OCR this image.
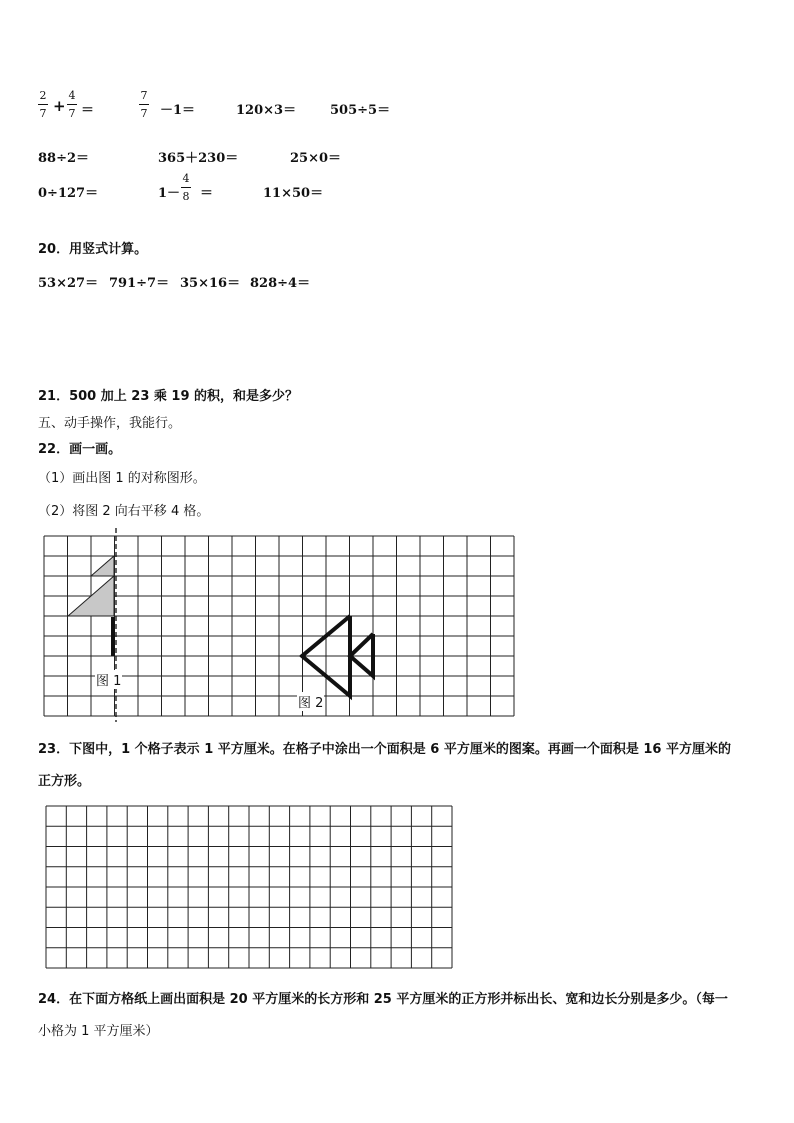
2
7 +
4
7 ＝
7
7 －1＝	120×3＝	505÷5＝
88÷2＝	365＋230＝	25×0＝
0÷127＝	1－
4
8 ＝	11×50＝
20．用竖式计算。
53×27＝ 791÷7＝ 35×16＝ 828÷4＝
21．500 加上 23 乘 19 的积，和是多少？
五、动手操作，我能行。
22．画一画。
（1）画出图 1 的对称图形。
（2）将图 2 向右平移 4 格。
图 1
图 2
23．下图中，1 个格子表示 1 平方厘米。在格子中涂出一个面积是 6 平方厘米的图案。再画一个面积是 16 平方厘米的
正方形。
24．在下面方格纸上画出面积是 20 平方厘米的长方形和 25 平方厘米的正方形并标出长、宽和边长分别是多少。（每一
小格为 1 平方厘米）
